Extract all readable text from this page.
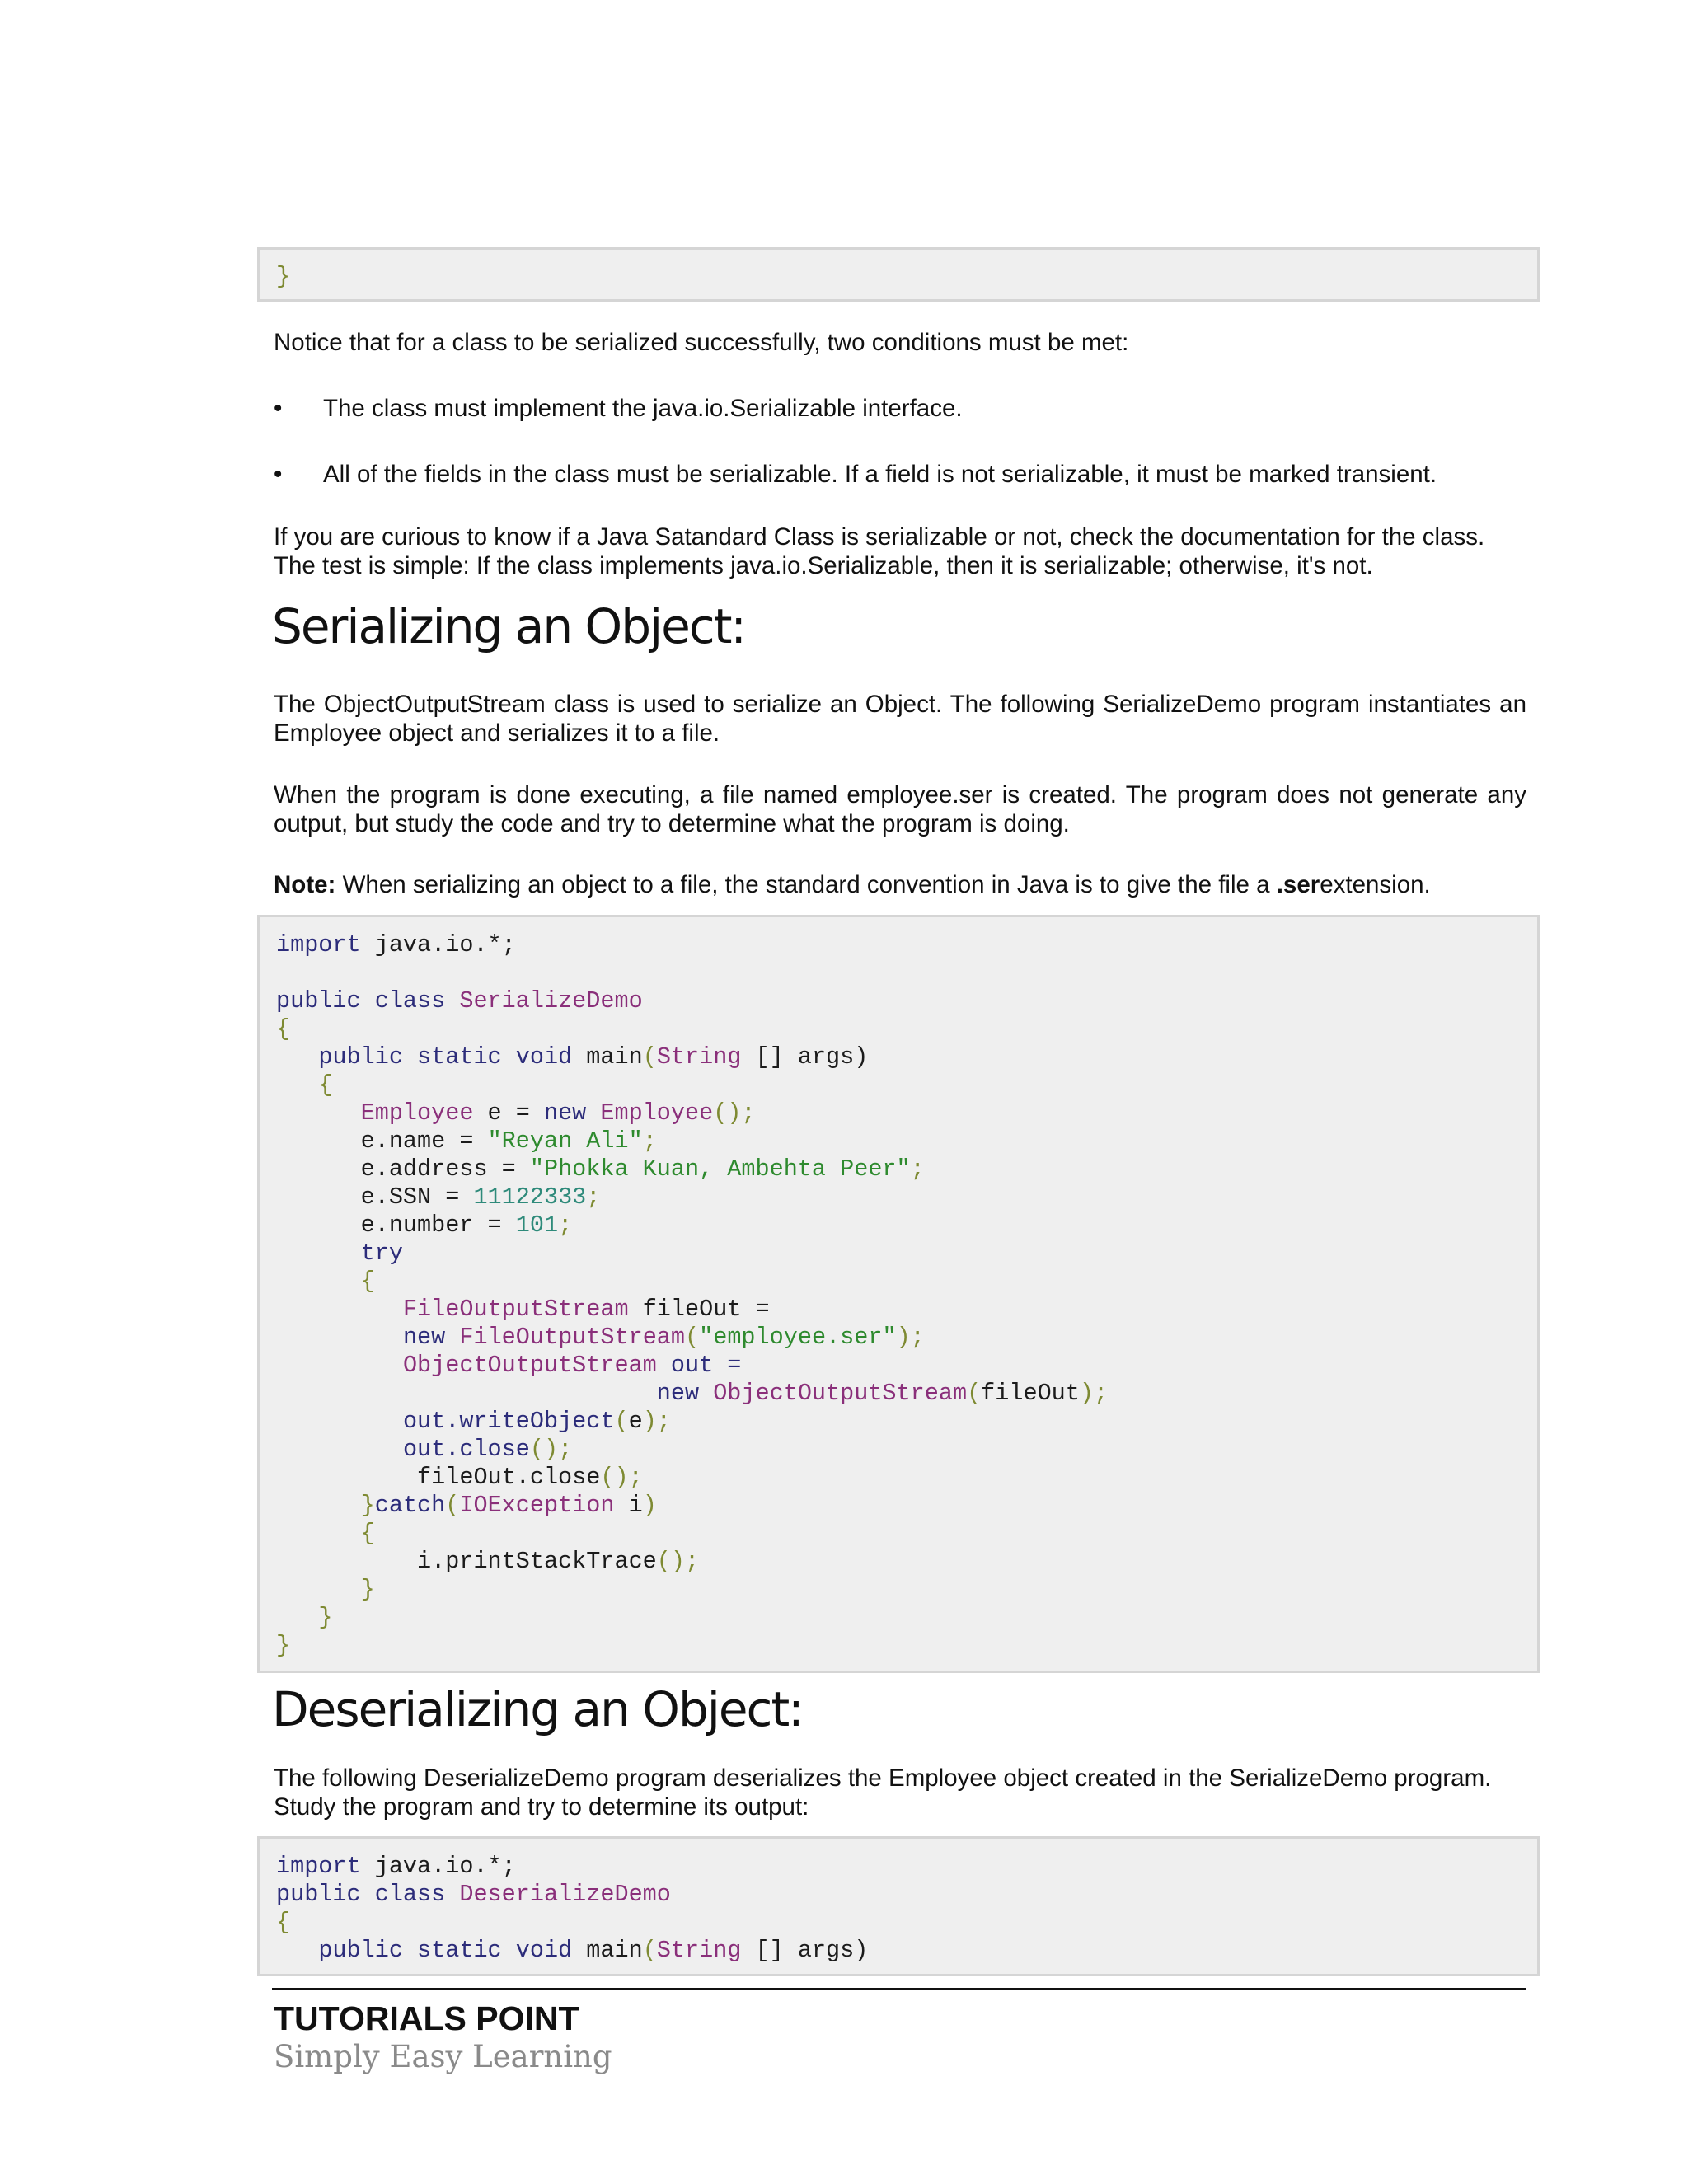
}

Notice that for a class to be serialized successfully, two conditions must be met:

• The class must implement the java.io.Serializable interface.
• All of the fields in the class must be serializable. If a field is not serializable, it must be marked transient.

If you are curious to know if a Java Satandard Class is serializable or not, check the documentation for the class. The test is simple: If the class implements java.io.Serializable, then it is serializable; otherwise, it's not.

Serializing an Object:

The ObjectOutputStream class is used to serialize an Object. The following SerializeDemo program instantiates an Employee object and serializes it to a file.

When the program is done executing, a file named employee.ser is created. The program does not generate any output, but study the code and try to determine what the program is doing.

Note: When serializing an object to a file, the standard convention in Java is to give the file a .serextension.

import java.io.*;

public class SerializeDemo
{
public static void main(String [] args)
{
Employee e = new Employee();
e.name = "Reyan Ali";
e.address = "Phokka Kuan, Ambehta Peer";
e.SSN = 11122333;
e.number = 101;
try
{
FileOutputStream fileOut =
new FileOutputStream("employee.ser");
ObjectOutputStream out =
new ObjectOutputStream(fileOut);
out.writeObject(e);
out.close();
fileOut.close();
}catch(IOException i)
{
i.printStackTrace();
}
}
}
Deserializing an Object:

The following DeserializeDemo program deserializes the Employee object created in the SerializeDemo program. Study the program and try to determine its output:

import java.io.*;
public class DeserializeDemo
{
public static void main(String [] args)
TUTORIALS POINT
Simply Easy Learning
